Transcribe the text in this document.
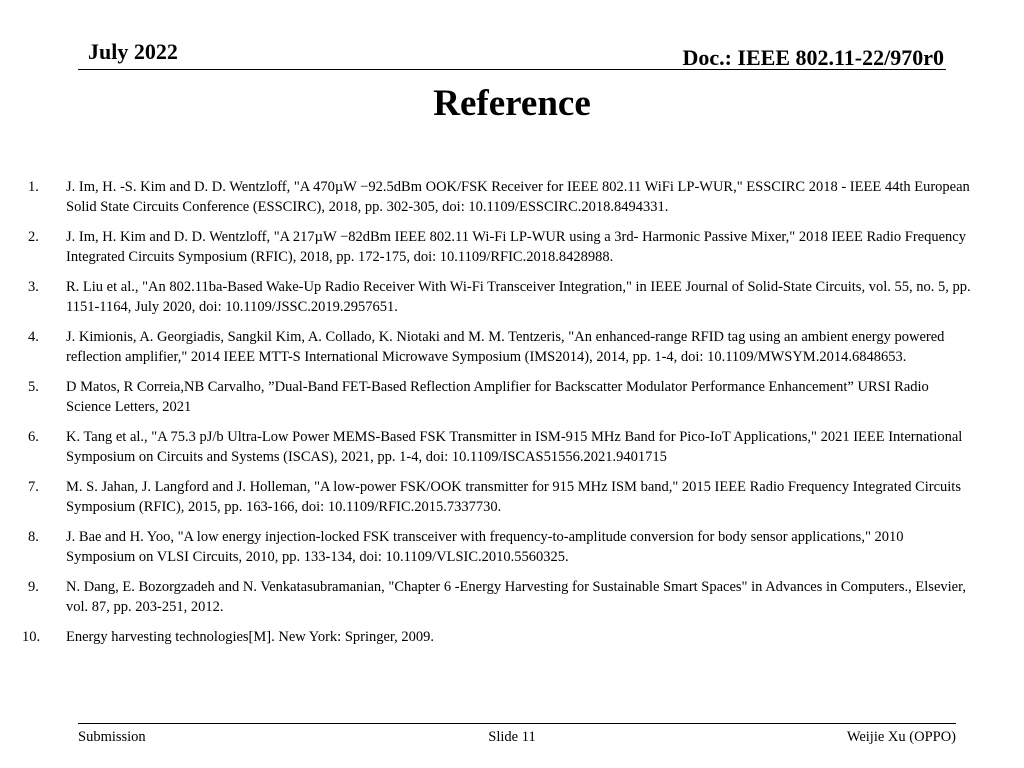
July 2022	Doc.: IEEE 802.11-22/970r0
Reference
1. J. Im, H. -S. Kim and D. D. Wentzloff, "A 470µW −92.5dBm OOK/FSK Receiver for IEEE 802.11 WiFi LP-WUR," ESSCIRC 2018 - IEEE 44th European Solid State Circuits Conference (ESSCIRC), 2018, pp. 302-305, doi: 10.1109/ESSCIRC.2018.8494331.
2. J. Im, H. Kim and D. D. Wentzloff, "A 217µW −82dBm IEEE 802.11 Wi-Fi LP-WUR using a 3rd- Harmonic Passive Mixer," 2018 IEEE Radio Frequency Integrated Circuits Symposium (RFIC), 2018, pp. 172-175, doi: 10.1109/RFIC.2018.8428988.
3. R. Liu et al., "An 802.11ba-Based Wake-Up Radio Receiver With Wi-Fi Transceiver Integration," in IEEE Journal of Solid-State Circuits, vol. 55, no. 5, pp. 1151-1164, July 2020, doi: 10.1109/JSSC.2019.2957651.
4. J. Kimionis, A. Georgiadis, Sangkil Kim, A. Collado, K. Niotaki and M. M. Tentzeris, "An enhanced-range RFID tag using an ambient energy powered reflection amplifier," 2014 IEEE MTT-S International Microwave Symposium (IMS2014), 2014, pp. 1-4, doi: 10.1109/MWSYM.2014.6848653.
5. D Matos, R Correia,NB Carvalho, ”Dual-Band FET-Based Reflection Amplifier for Backscatter Modulator Performance Enhancement” URSI Radio Science Letters, 2021
6. K. Tang et al., "A 75.3 pJ/b Ultra-Low Power MEMS-Based FSK Transmitter in ISM-915 MHz Band for Pico-IoT Applications," 2021 IEEE International Symposium on Circuits and Systems (ISCAS), 2021, pp. 1-4, doi: 10.1109/ISCAS51556.2021.9401715
7. M. S. Jahan, J. Langford and J. Holleman, "A low-power FSK/OOK transmitter for 915 MHz ISM band," 2015 IEEE Radio Frequency Integrated Circuits Symposium (RFIC), 2015, pp. 163-166, doi: 10.1109/RFIC.2015.7337730.
8. J. Bae and H. Yoo, "A low energy injection-locked FSK transceiver with frequency-to-amplitude conversion for body sensor applications," 2010 Symposium on VLSI Circuits, 2010, pp. 133-134, doi: 10.1109/VLSIC.2010.5560325.
9. N. Dang, E. Bozorgzadeh and N. Venkatasubramanian, "Chapter 6 -Energy Harvesting for Sustainable Smart Spaces" in Advances in Computers., Elsevier, vol. 87, pp. 203-251, 2012.
10. Energy harvesting technologies[M]. New York: Springer, 2009.
Submission	Slide 11	Weijie Xu (OPPO)
